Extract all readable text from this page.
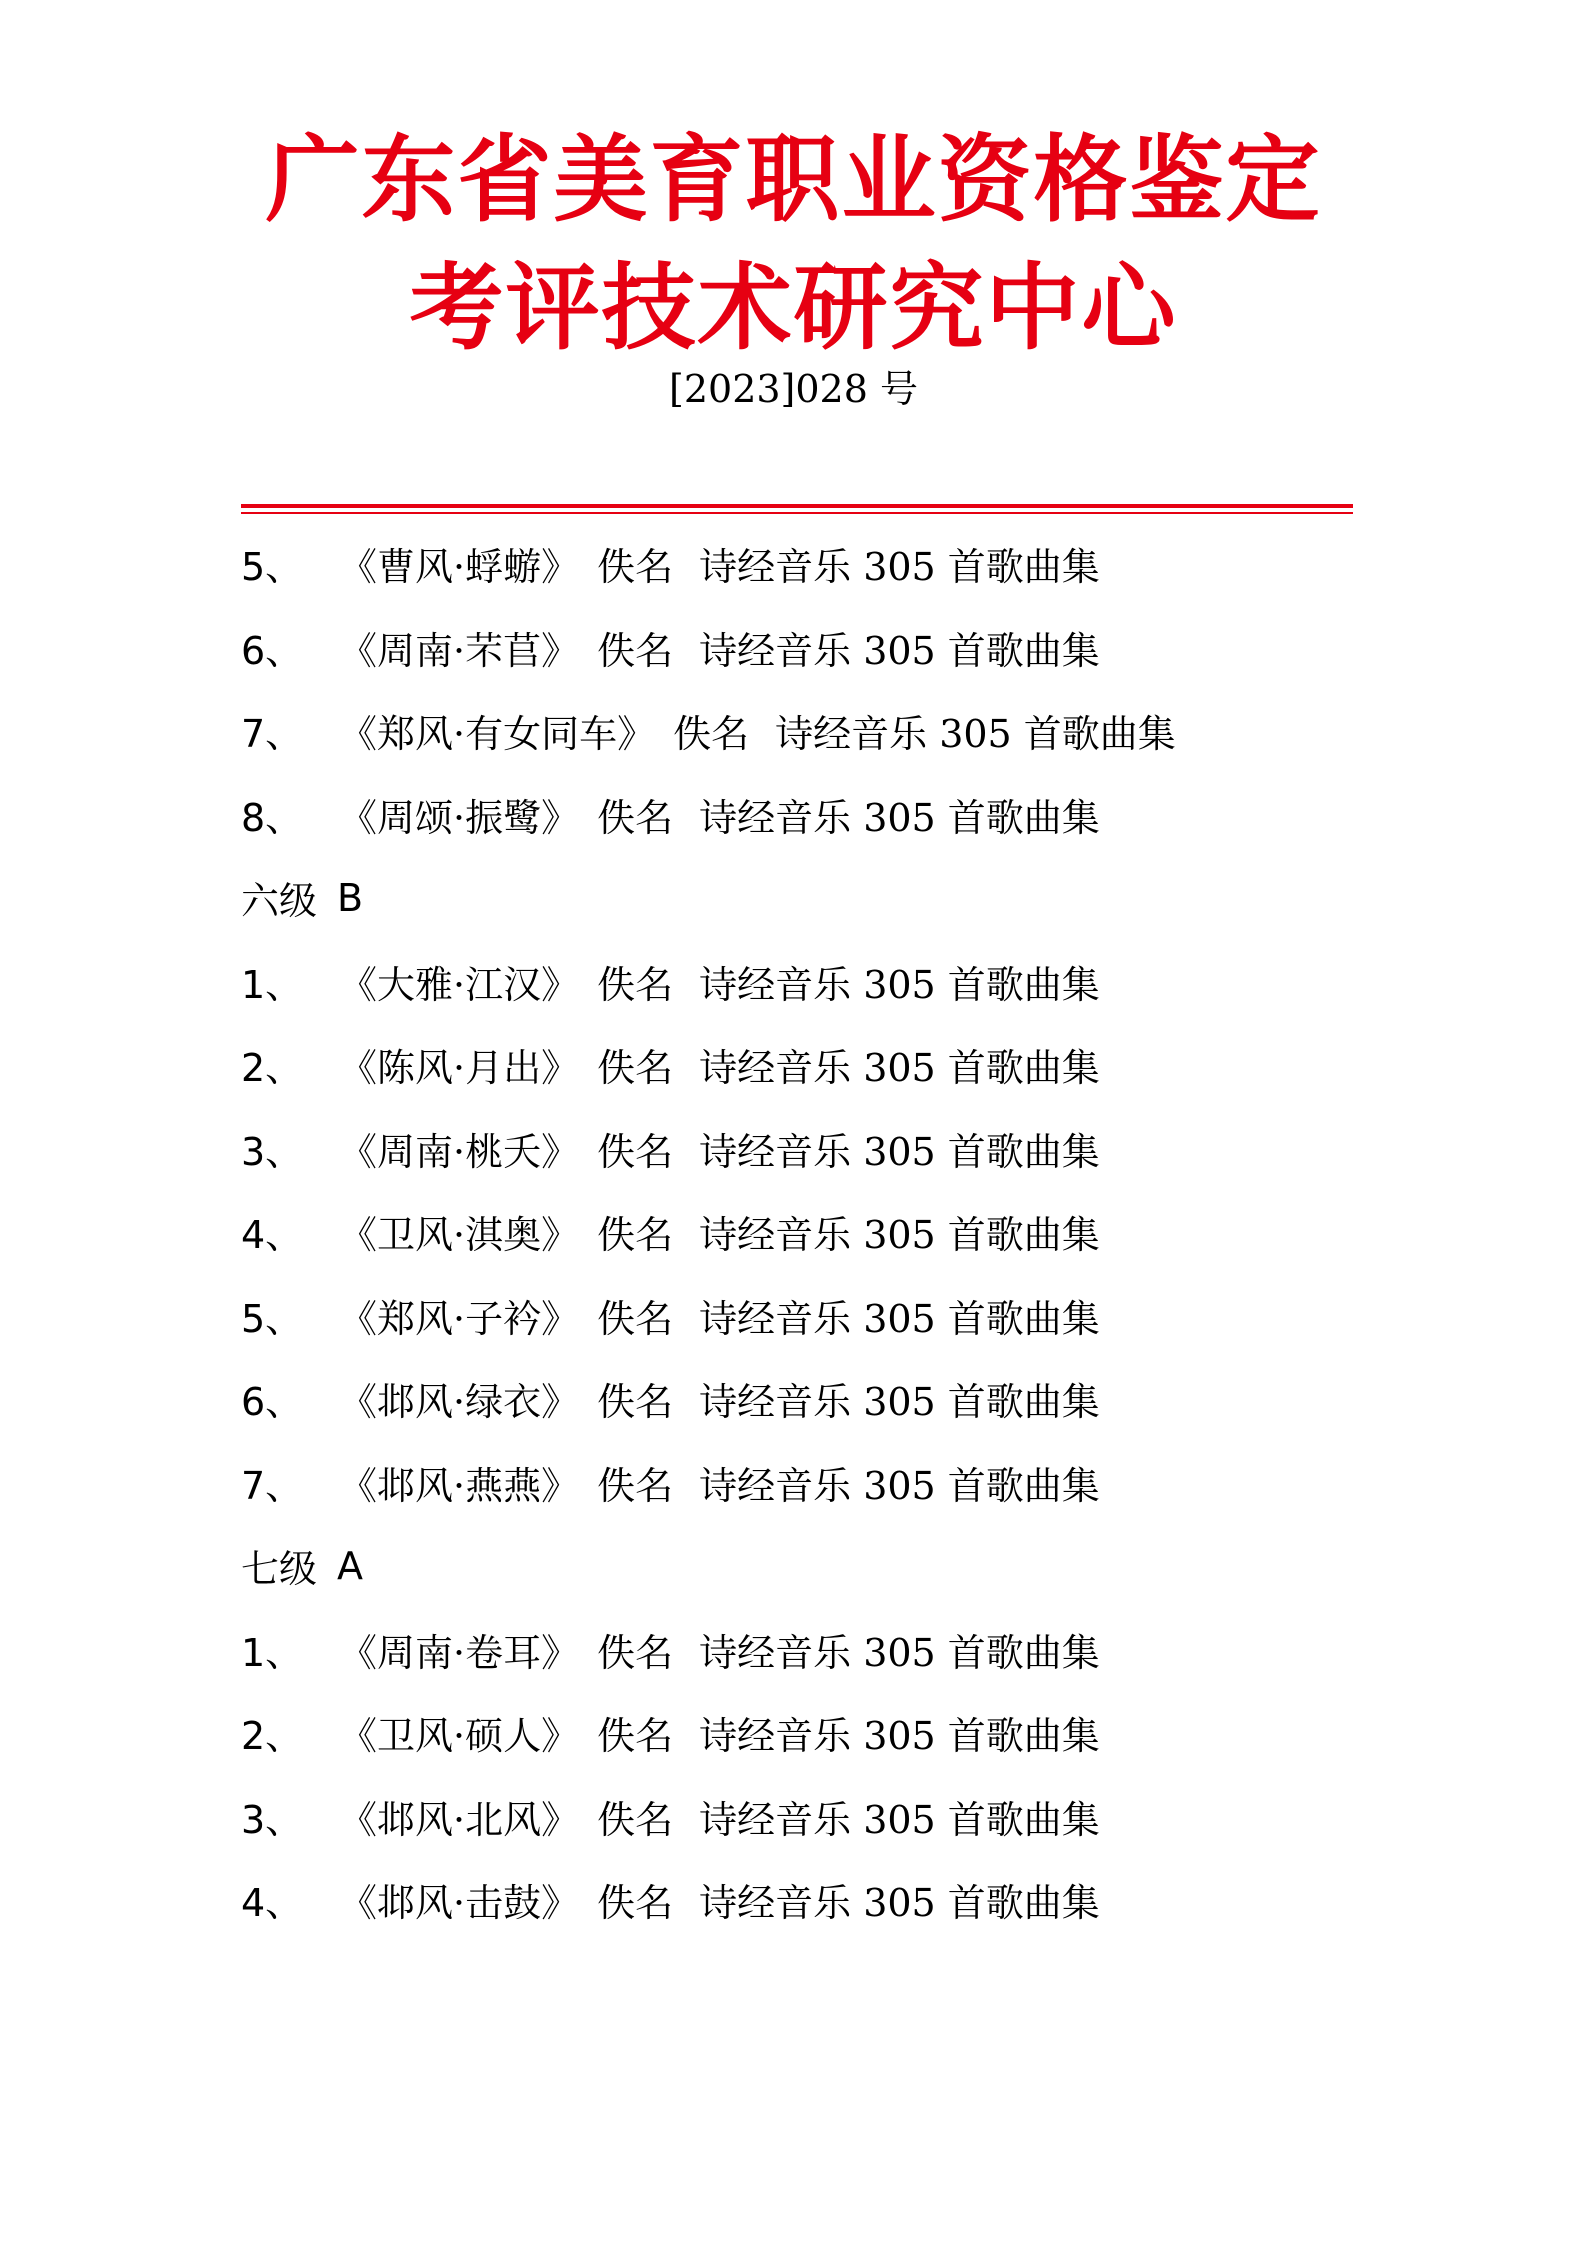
广东省美育职业资格鉴定
考评技术研究中心
[2023]028 号
5、 《曹风·蜉蝣》 佚名 诗经音乐 305 首歌曲集
6、 《周南·芣苢》 佚名 诗经音乐 305 首歌曲集
7、 《郑风·有女同车》 佚名 诗经音乐 305 首歌曲集
8、 《周颂·振鹭》 佚名 诗经音乐 305 首歌曲集
六级 B
1、 《大雅·江汉》 佚名 诗经音乐 305 首歌曲集
2、 《陈风·月出》 佚名 诗经音乐 305 首歌曲集
3、 《周南·桃夭》 佚名 诗经音乐 305 首歌曲集
4、 《卫风·淇奥》 佚名 诗经音乐 305 首歌曲集
5、 《郑风·子衿》 佚名 诗经音乐 305 首歌曲集
6、 《邶风·绿衣》 佚名 诗经音乐 305 首歌曲集
7、 《邶风·燕燕》 佚名 诗经音乐 305 首歌曲集
七级 A
1、 《周南·卷耳》 佚名 诗经音乐 305 首歌曲集
2、 《卫风·硕人》 佚名 诗经音乐 305 首歌曲集
3、 《邶风·北风》 佚名 诗经音乐 305 首歌曲集
4、 《邶风·击鼓》 佚名 诗经音乐 305 首歌曲集
